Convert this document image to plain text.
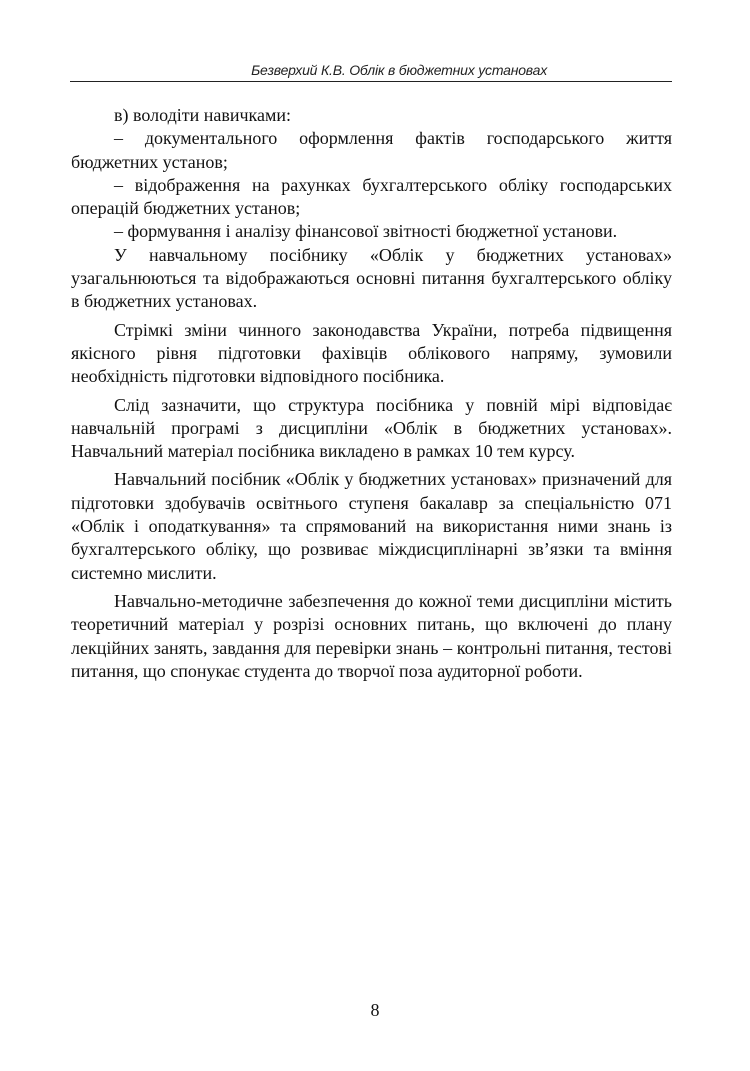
Безверхий К.В. Облік в бюджетних установах

в) володіти навичками:

– документального оформлення фактів господарського життя бюджетних установ;

– відображення на рахунках бухгалтерського обліку господарських операцій бюджетних установ;

– формування і аналізу фінансової звітності бюджетної установи.

У навчальному посібнику «Облік у бюджетних установах» узагальнюються та відображаються основні питання бухгалтерського обліку в бюджетних установах.

Стрімкі зміни чинного законодавства України, потреба підвищення якісного рівня підготовки фахівців облікового напряму, зумовили необхідність підготовки відповідного посібника.

Слід зазначити, що структура посібника у повній мірі відповідає навчальній програмі з дисципліни «Облік в бюджетних установах». Навчальний матеріал посібника викладено в рамках 10 тем курсу.

Навчальний посібник «Облік у бюджетних установах» призначений для підготовки здобувачів освітнього ступеня бакалавр за спеціальністю 071 «Облік і оподаткування» та спрямований на використання ними знань із бухгалтерського обліку, що розвиває міждисциплінарні зв’язки та вміння системно мислити.

Навчально-методичне забезпечення до кожної теми дисципліни містить теоретичний матеріал у розрізі основних питань, що включені до плану лекційних занять, завдання для перевірки знань – контрольні питання, тестові питання, що спонукає студента до творчої поза аудиторної роботи.

8
